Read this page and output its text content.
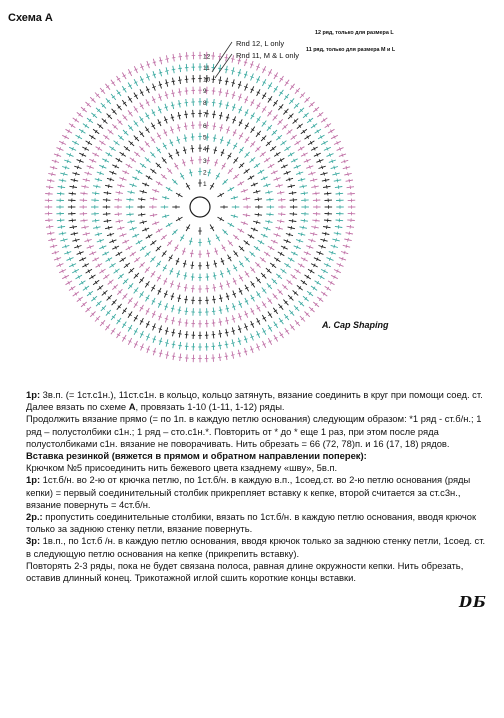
Схема А
12
11
10
9
8
7
6
5
4
3
2
1
Rnd 12, L only
Rnd 11, M & L only
12 ряд, только для размера L
11 ряд, только для размера M и L
A. Cap Shaping

1р: 3в.п. (= 1ст.с1н.), 11ст.с1н. в кольцо, кольцо затянуть, вязание соединить в круг при помощи соед. ст.

Далее вязать по схеме А, провязать 1-10 (1-11, 1-12) ряды.

Продолжить вязание прямо (= по 1п. в каждую петлю основания) следующим образом: *1 ряд - ст.б/н.; 1 ряд – полустолбики с1н.; 1 ряд – сто.с1н.*. Повторить от * до * еще 1 раз, при этом после ряда полустолбиками с1н. вязание не поворачивать. Нить обрезать = 66 (72, 78)п. и 16 (17, 18) рядов.

Вставка резинкой (вяжется в прямом и обратном направлении поперек):

Крючком №5 присоединить нить бежевого цвета кзаднему «шву», 5в.п.

1р: 1ст.б/н. во 2-ю от крючка петлю, по 1ст.б/н. в каждую в.п., 1соед.ст. во 2-ю петлю основания (ряды кепки) = первый соединительный столбик прикрепляет вставку к кепке, второй считается за ст.с3н., вязание повернуть = 4ст.б/н.

2р.: пропустить соединительные столбики, вязать по 1ст.б/н. в каждую петлю основания, вводя крючок только за заднюю стенку петли, вязание повернуть.

3р: 1в.п., по 1ст.б /н. в каждую петлю основания, вводя крючок только за заднюю стенку петли, 1соед. ст. в следующую петлю основания на кепке (прикрепить вставку).

Повторять 2-3 ряды, пока не будет связана полоса, равная длине окружности кепки. Нить обрезать, оставив длинный конец. Трикотажной иглой сшить короткие концы вставки.

DБ
